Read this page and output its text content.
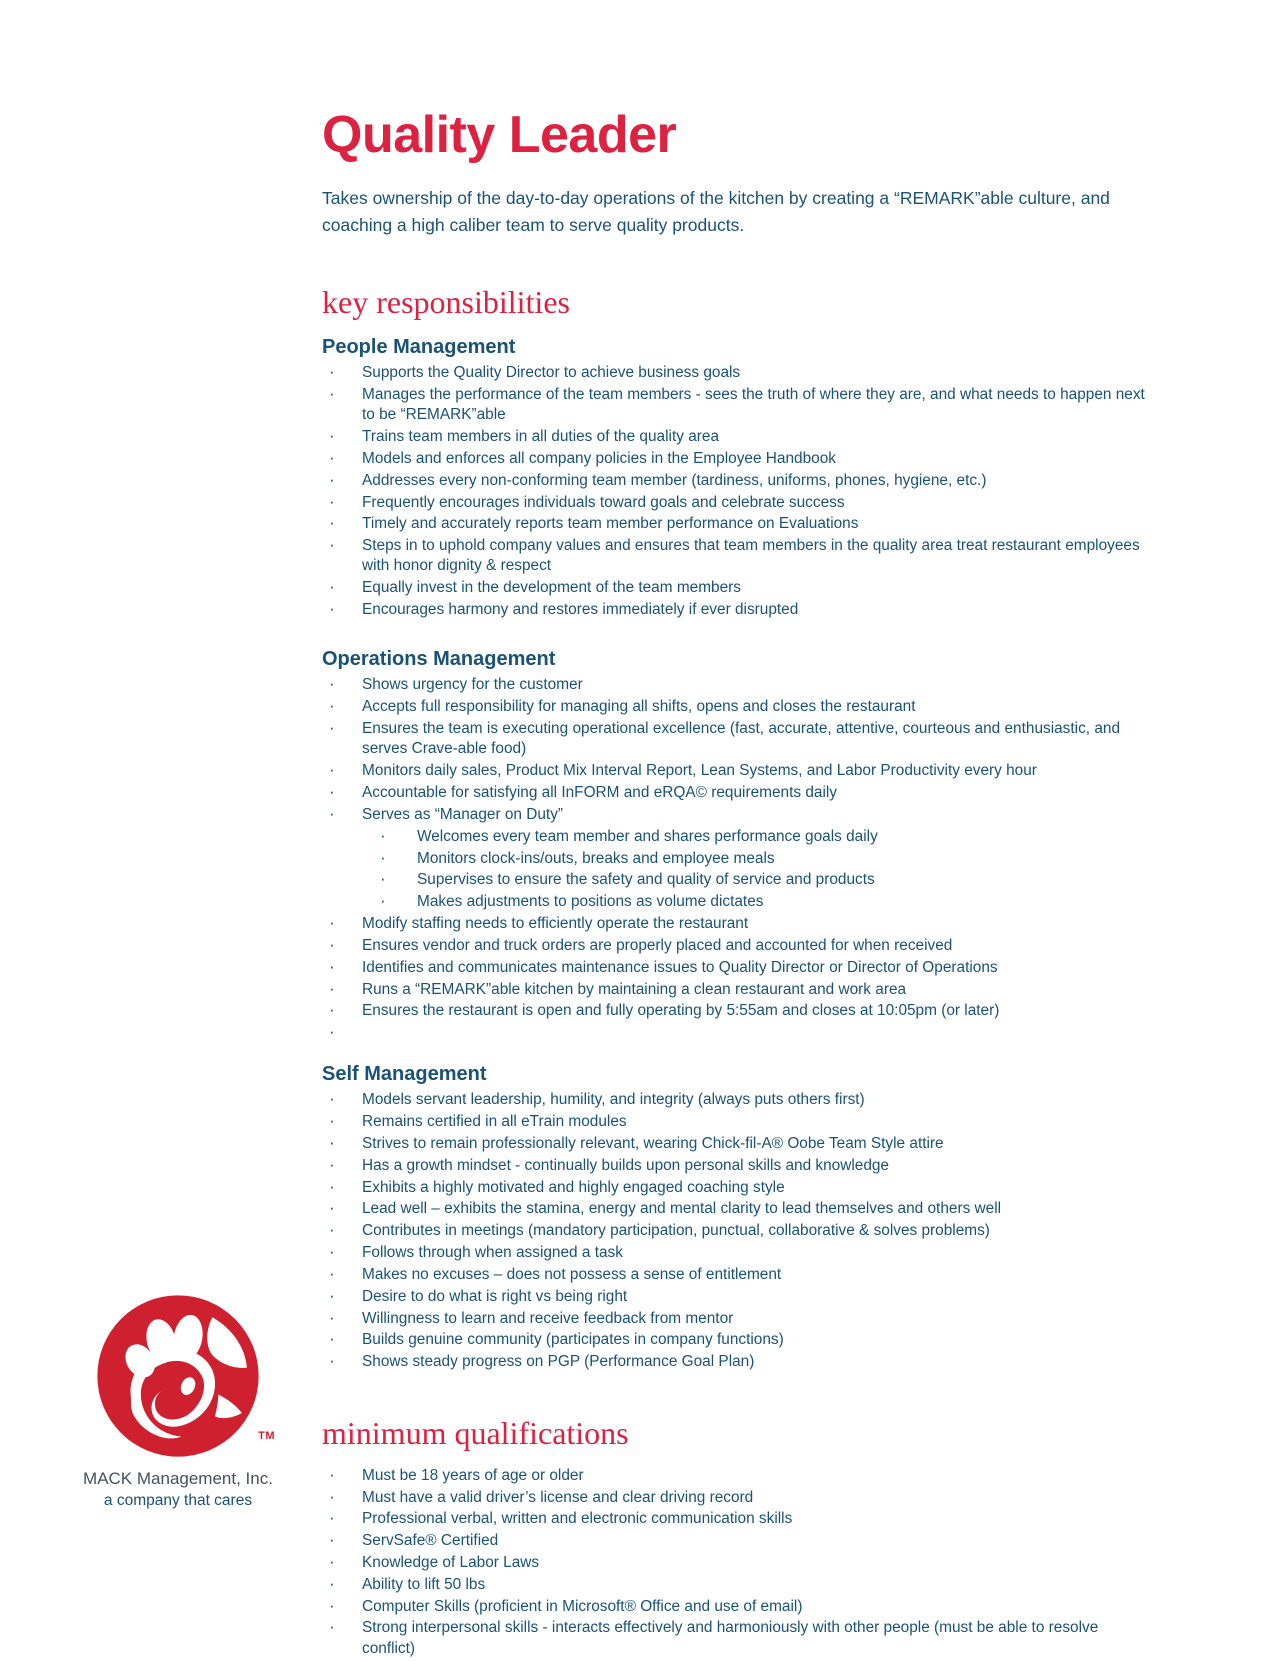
Quality Leader

Takes ownership of the day-to-day operations of the kitchen by creating a “REMARK”able culture, and coaching a high caliber team to serve quality products.

key responsibilities
People Management
· Supports the Quality Director to achieve business goals
· Manages the performance of the team members - sees the truth of where they are, and what needs to happen next to be “REMARK”able
· Trains team members in all duties of the quality area
· Models and enforces all company policies in the Employee Handbook
· Addresses every non-conforming team member (tardiness, uniforms, phones, hygiene, etc.)
· Frequently encourages individuals toward goals and celebrate success
· Timely and accurately reports team member performance on Evaluations
· Steps in to uphold company values and ensures that team members in the quality area treat restaurant employees with honor dignity & respect
· Equally invest in the development of the team members
· Encourages harmony and restores immediately if ever disrupted
Operations Management
· Shows urgency for the customer
· Accepts full responsibility for managing all shifts, opens and closes the restaurant
· Ensures the team is executing operational excellence (fast, accurate, attentive, courteous and enthusiastic, and serves Crave-able food)
· Monitors daily sales, Product Mix Interval Report, Lean Systems, and Labor Productivity every hour
· Accountable for satisfying all InFORM and eRQA© requirements daily
· Serves as “Manager on Duty”
· Welcomes every team member and shares performance goals daily
· Monitors clock-ins/outs, breaks and employee meals
· Supervises to ensure the safety and quality of service and products
· Makes adjustments to positions as volume dictates
· Modify staffing needs to efficiently operate the restaurant
· Ensures vendor and truck orders are properly placed and accounted for when received
· Identifies and communicates maintenance issues to Quality Director or Director of Operations
· Runs a “REMARK”able kitchen by maintaining a clean restaurant and work area
· Ensures the restaurant is open and fully operating by 5:55am and closes at 10:05pm (or later)
·
Self Management
· Models servant leadership, humility, and integrity (always puts others first)
· Remains certified in all eTrain modules
· Strives to remain professionally relevant, wearing Chick-fil-A® Oobe Team Style attire
· Has a growth mindset - continually builds upon personal skills and knowledge
· Exhibits a highly motivated and highly engaged coaching style
· Lead well – exhibits the stamina, energy and mental clarity to lead themselves and others well
· Contributes in meetings (mandatory participation, punctual, collaborative & solves problems)
· Follows through when assigned a task
· Makes no excuses – does not possess a sense of entitlement
· Desire to do what is right vs being right
· Willingness to learn and receive feedback from mentor
· Builds genuine community (participates in company functions)
· Shows steady progress on PGP (Performance Goal Plan)
minimum qualifications
· Must be 18 years of age or older
· Must have a valid driver’s license and clear driving record
· Professional verbal, written and electronic communication skills
· ServSafe® Certified
· Knowledge of Labor Laws
· Ability to lift 50 lbs
· Computer Skills (proficient in Microsoft® Office and use of email)
· Strong interpersonal skills - interacts effectively and harmoniously with other people (must be able to resolve conflict)
TM

MACK Management, Inc.

a company that cares
